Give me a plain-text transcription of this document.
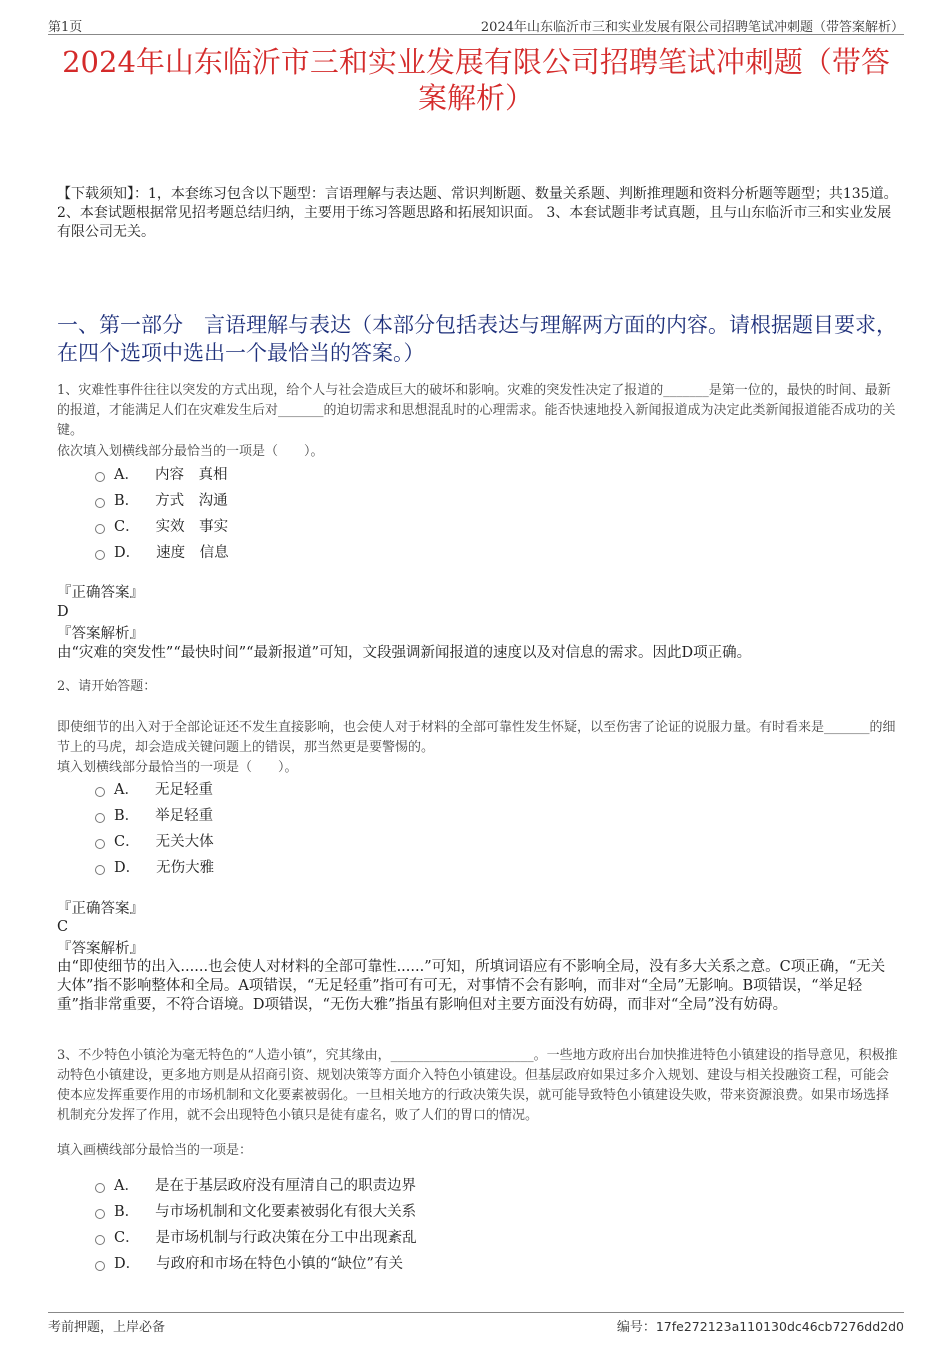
第1页	2024年山东临沂市三和实业发展有限公司招聘笔试冲刺题（带答案解析）
2024年山东临沂市三和实业发展有限公司招聘笔试冲刺题（带答案解析）
【下载须知】：1，本套练习包含以下题型：言语理解与表达题、常识判断题、数量关系题、判断推理题和资料分析题等题型；共135道。 2、本套试题根据常见招考题总结归纳，主要用于练习答题思路和拓展知识面。 3、本套试题非考试真题，且与山东临沂市三和实业发展有限公司无关。
一、第一部分　言语理解与表达（本部分包括表达与理解两方面的内容。请根据题目要求，在四个选项中选出一个最恰当的答案。）
1、灾难性事件往往以突发的方式出现，给个人与社会造成巨大的破坏和影响。灾难的突发性决定了报道的_______是第一位的，最快的时间、最新的报道，才能满足人们在灾难发生后对_______的迫切需求和思想混乱时的心理需求。能否快速地投入新闻报道成为决定此类新闻报道能否成功的关键。
依次填入划横线部分最恰当的一项是（　　）。
A． 内容　真相
B． 方式　沟通
C． 实效　事实
D． 速度　信息
『正确答案』
D
『答案解析』
由“灾难的突发性”“最快时间”“最新报道”可知，文段强调新闻报道的速度以及对信息的需求。因此D项正确。
2、请开始答题：
即使细节的出入对于全部论证还不发生直接影响，也会使人对于材料的全部可靠性发生怀疑，以至伤害了论证的说服力量。有时看来是_______的细节上的马虎，却会造成关键问题上的错误，那当然更是要警惕的。
填入划横线部分最恰当的一项是（　　）。
A． 无足轻重
B． 举足轻重
C． 无关大体
D． 无伤大雅
『正确答案』
C
『答案解析』
由“即使细节的出入......也会使人对材料的全部可靠性......”可知，所填词语应有不影响全局，没有多大关系之意。C项正确，“无关大体”指不影响整体和全局。A项错误，“无足轻重”指可有可无，对事情不会有影响，而非对“全局”无影响。B项错误，“举足轻重”指非常重要，不符合语境。D项错误，“无伤大雅”指虽有影响但对主要方面没有妨碍，而非对“全局”没有妨碍。
3、不少特色小镇沦为毫无特色的“人造小镇”，究其缘由，______________________。一些地方政府出台加快推进特色小镇建设的指导意见，积极推动特色小镇建设，更多地方则是从招商引资、规划决策等方面介入特色小镇建设。但基层政府如果过多介入规划、建设与相关投融资工程，可能会使本应发挥重要作用的市场机制和文化要素被弱化。一旦相关地方的行政决策失误，就可能导致特色小镇建设失败，带来资源浪费。如果市场选择机制充分发挥了作用，就不会出现特色小镇只是徒有虚名，败了人们的胃口的情况。
填入画横线部分最恰当的一项是：
A． 是在于基层政府没有厘清自己的职责边界
B． 与市场机制和文化要素被弱化有很大关系
C． 是市场机制与行政决策在分工中出现紊乱
D． 与政府和市场在特色小镇的“缺位”有关
考前押题，上岸必备	编号：17fe272123a110130dc46cb7276dd2d0
